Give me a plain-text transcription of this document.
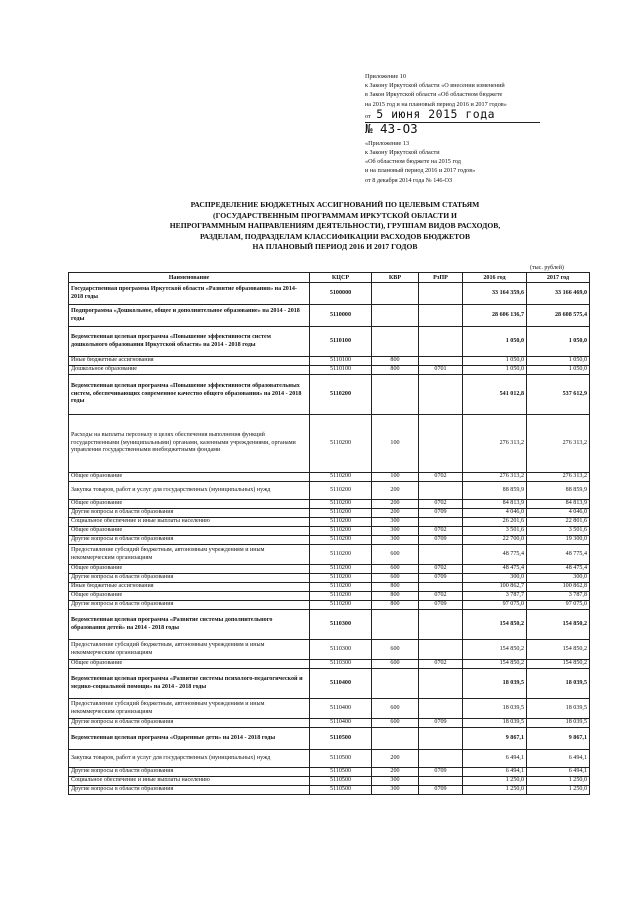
Приложение 10
к Закону Иркутской области «О внесении изменений
в Закон Иркутской области «Об областном бюджете
на 2015 год и на плановый период 2016 и 2017 годов»
от 5 июня 2015 года
№ 43-ОЗ
«Приложение 13
к Закону Иркутской области
«Об областном бюджете на 2015 год
и на плановый период 2016 и 2017 годов»
от 8 декабря 2014 года № 146-ОЗ
РАСПРЕДЕЛЕНИЕ БЮДЖЕТНЫХ АССИГНОВАНИЙ ПО ЦЕЛЕВЫМ СТАТЬЯМ
(ГОСУДАРСТВЕННЫМ ПРОГРАММАМ ИРКУТСКОЙ ОБЛАСТИ И
НЕПРОГРАММНЫМ НАПРАВЛЕНИЯМ ДЕЯТЕЛЬНОСТИ), ГРУППАМ ВИДОВ РАСХОДОВ,
РАЗДЕЛАМ, ПОДРАЗДЕЛАМ КЛАССИФИКАЦИИ РАСХОДОВ БЮДЖЕТОВ
НА ПЛАНОВЫЙ ПЕРИОД 2016 И 2017 ГОДОВ
(тыс. рублей)
Наименование	КЦСР	КВР	РзПР	2016 год	2017 год
Государственная программа Иркутской области «Развитие образования» на 2014-2018 годы	5100000			33 164 359,6	33 166 469,0
Подпрограмма «Дошкольное, общее и дополнительное образование» на 2014 - 2018 годы	5110000			28 606 136,7	28 608 575,4
Ведомственная целевая программа «Повышение эффективности систем дошкольного образования Иркутской области» на 2014 - 2018 годы	5110100			1 050,0	1 050,0
Иные бюджетные ассигнования	5110100	800		1 050,0	1 050,0
Дошкольное образование	5110100	800	0701	1 050,0	1 050,0
Ведомственная целевая программа «Повышение эффективности образовательных систем, обеспечивающих современное качество общего образования» на 2014 - 2018 годы	5110200			541 012,8	537 612,9
Расходы на выплаты персоналу в целях обеспечения выполнения функций государственными (муниципальными) органами, казенными учреждениями, органами управления государственными внебюджетными фондами	5110200	100		276 313,2	276 313,2
Общее образование	5110200	100	0702	276 313,2	276 313,2
Закупка товаров, работ и услуг для государственных (муниципальных) нужд	5110200	200		88 859,9	88 859,9
Общее образование	5110200	200	0702	84 813,9	84 813,9
Другие вопросы в области образования	5110200	200	0709	4 046,0	4 046,0
Социальное обеспечение и иные выплаты населению	5110200	300		26 201,6	22 801,6
Общее образование	5110200	300	0702	3 501,6	3 501,6
Другие вопросы в области образования	5110200	300	0709	22 700,0	19 300,0
Предоставление субсидий бюджетным, автономным учреждениям и иным некоммерческим организациям	5110200	600		48 775,4	48 775,4
Общее образование	5110200	600	0702	48 475,4	48 475,4
Другие вопросы в области образования	5110200	600	0709	300,0	300,0
Иные бюджетные ассигнования	5110200	800		100 862,7	100 862,8
Общее образование	5110200	800	0702	3 787,7	3 787,8
Другие вопросы в области образования	5110200	800	0709	97 075,0	97 075,0
Ведомственная целевая программа «Развитие системы дополнительного образования детей» на 2014 - 2018 годы	5110300			154 850,2	154 850,2
Предоставление субсидий бюджетным, автономным учреждениям и иным некоммерческим организациям	5110300	600		154 850,2	154 850,2
Общее образование	5110300	600	0702	154 850,2	154 850,2
Ведомственная целевая программа «Развитие системы психолого-педагогической и медико-социальной помощи» на 2014 - 2018 годы	5110400			18 039,5	18 039,5
Предоставление субсидий бюджетным, автономным учреждениям и иным некоммерческим организациям	5110400	600		18 039,5	18 039,5
Другие вопросы в области образования	5110400	600	0709	18 039,5	18 039,5
Ведомственная целевая программа «Одаренные дети» на 2014 - 2018 годы	5110500			9 867,1	9 867,1
Закупка товаров, работ и услуг для государственных (муниципальных) нужд	5110500	200		6 494,1	6 494,1
Другие вопросы в области образования	5110500	200	0709	6 494,1	6 494,1
Социальное обеспечение и иные выплаты населению	5110500	300		1 250,0	1 250,0
Другие вопросы в области образования	5110500	300	0709	1 250,0	1 250,0
